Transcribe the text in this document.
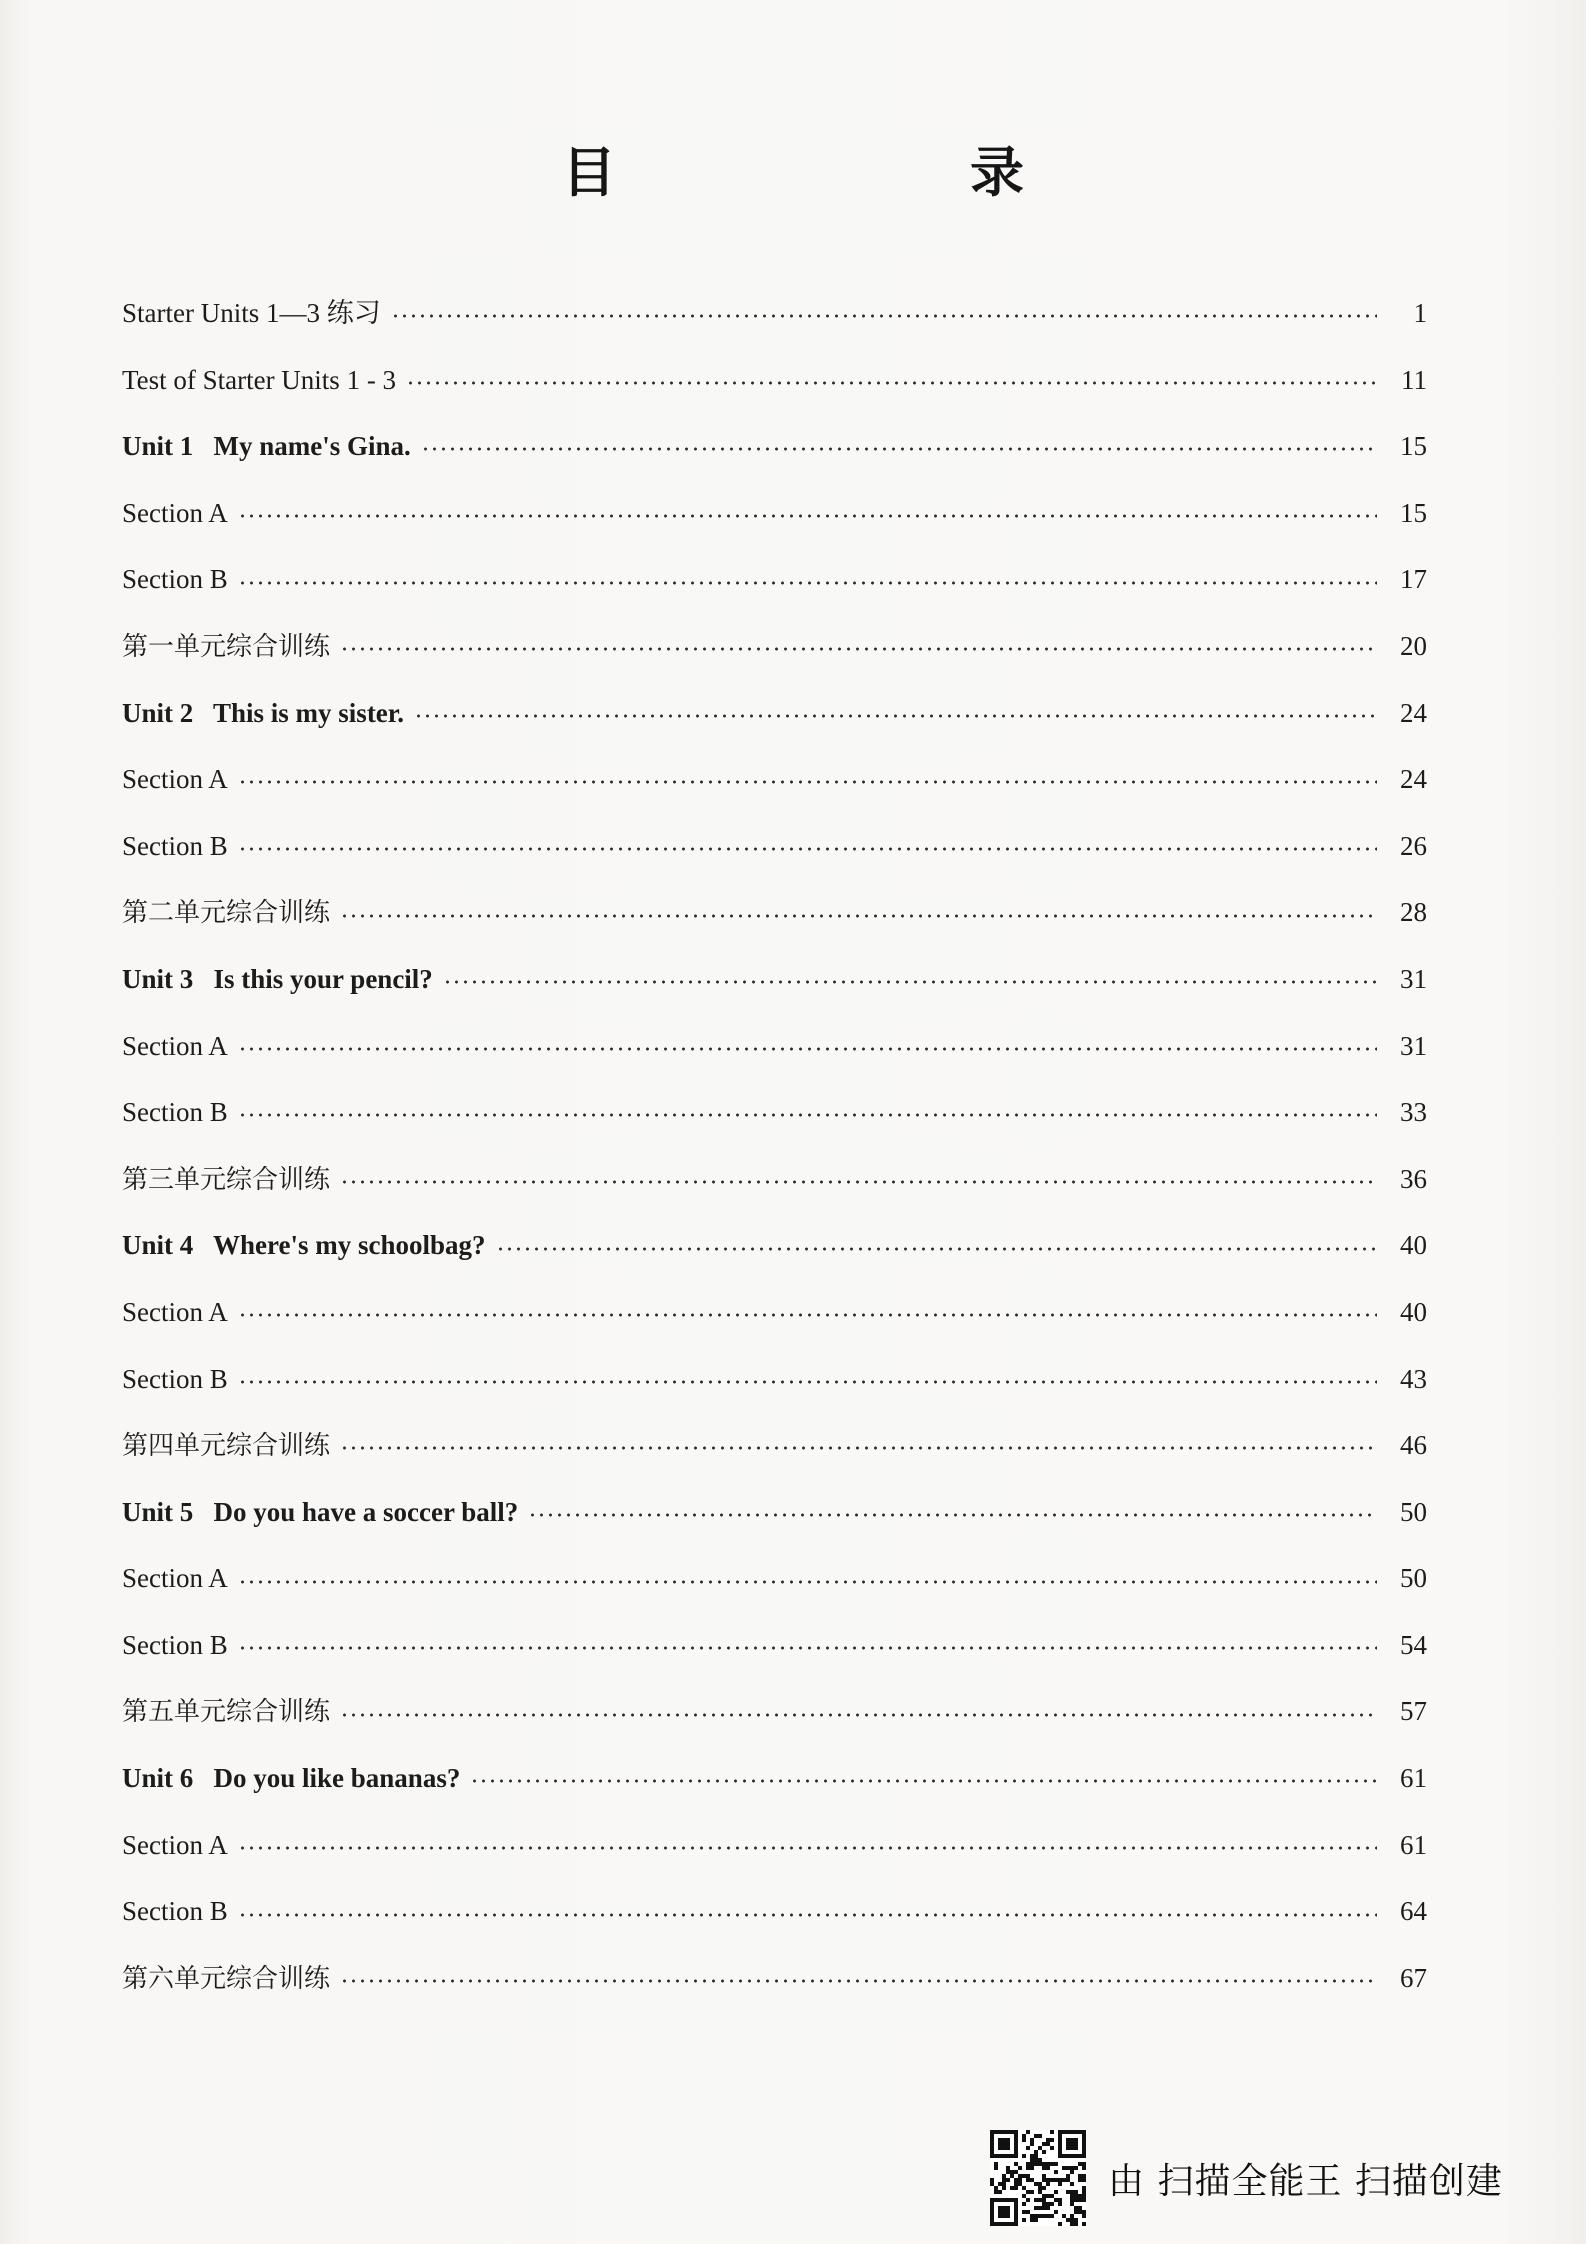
目　录
Starter Units 1—3 练习	1
Test of Starter Units 1 - 3	11
Unit 1   My name's Gina.	15
Section A	15
Section B	17
第一单元综合训练	20
Unit 2   This is my sister.	24
Section A	24
Section B	26
第二单元综合训练	28
Unit 3   Is this your pencil?	31
Section A	31
Section B	33
第三单元综合训练	36
Unit 4   Where's my schoolbag?	40
Section A	40
Section B	43
第四单元综合训练	46
Unit 5   Do you have a soccer ball?	50
Section A	50
Section B	54
第五单元综合训练	57
Unit 6   Do you like bananas?	61
Section A	61
Section B	64
第六单元综合训练	67
由 扫描全能王 扫描创建
